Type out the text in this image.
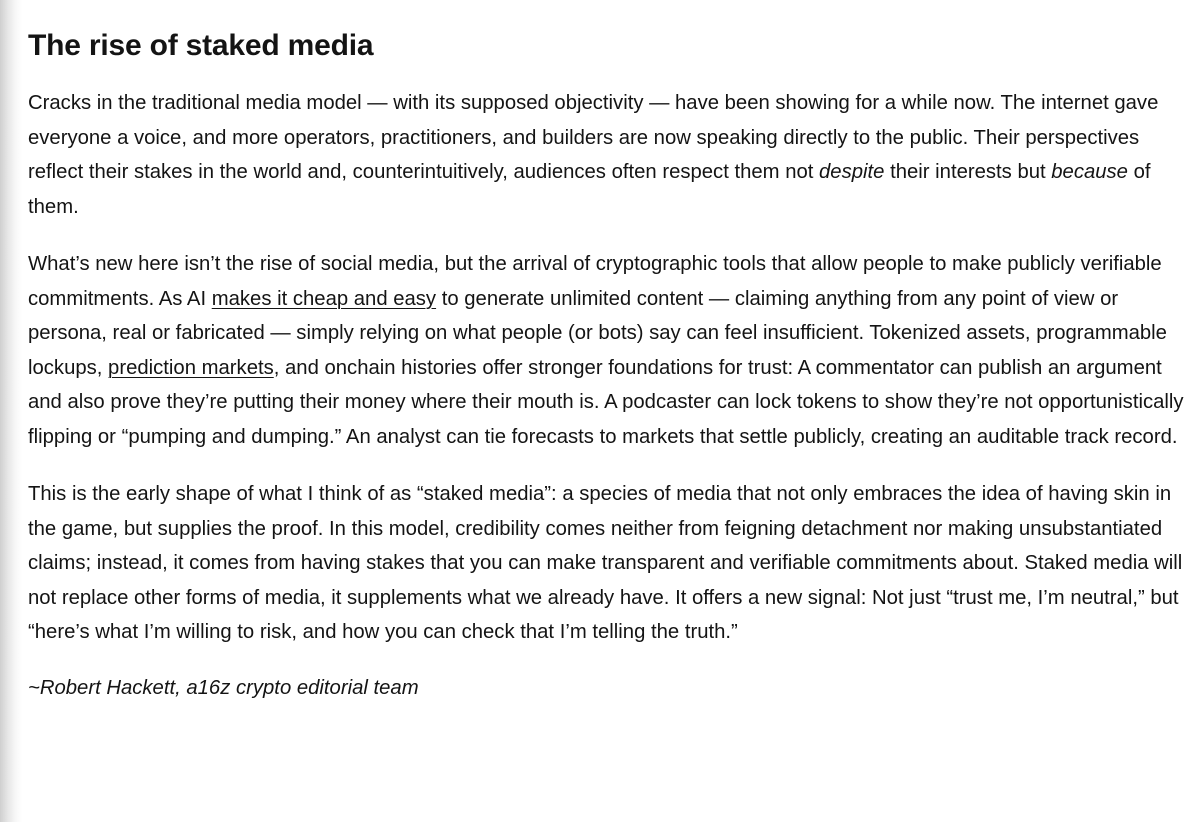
The rise of staked media

Cracks in the traditional media model — with its supposed objectivity — have been showing for a while now. The internet gave everyone a voice, and more operators, practitioners, and builders are now speaking directly to the public. Their perspectives reflect their stakes in the world and, counterintuitively, audiences often respect them not despite their interests but because of them.

What’s new here isn’t the rise of social media, but the arrival of cryptographic tools that allow people to make publicly verifiable commitments. As AI makes it cheap and easy to generate unlimited content — claiming anything from any point of view or persona, real or fabricated — simply relying on what people (or bots) say can feel insufficient. Tokenized assets, programmable lockups, prediction markets, and onchain histories offer stronger foundations for trust: A commentator can publish an argument and also prove they’re putting their money where their mouth is. A podcaster can lock tokens to show they’re not opportunistically flipping or “pumping and dumping.” An analyst can tie forecasts to markets that settle publicly, creating an auditable track record.

This is the early shape of what I think of as “staked media”: a species of media that not only embraces the idea of having skin in the game, but supplies the proof. In this model, credibility comes neither from feigning detachment nor making unsubstantiated claims; instead, it comes from having stakes that you can make transparent and verifiable commitments about. Staked media will not replace other forms of media, it supplements what we already have. It offers a new signal: Not just “trust me, I’m neutral,” but “here’s what I’m willing to risk, and how you can check that I’m telling the truth.”

~Robert Hackett, a16z crypto editorial team
